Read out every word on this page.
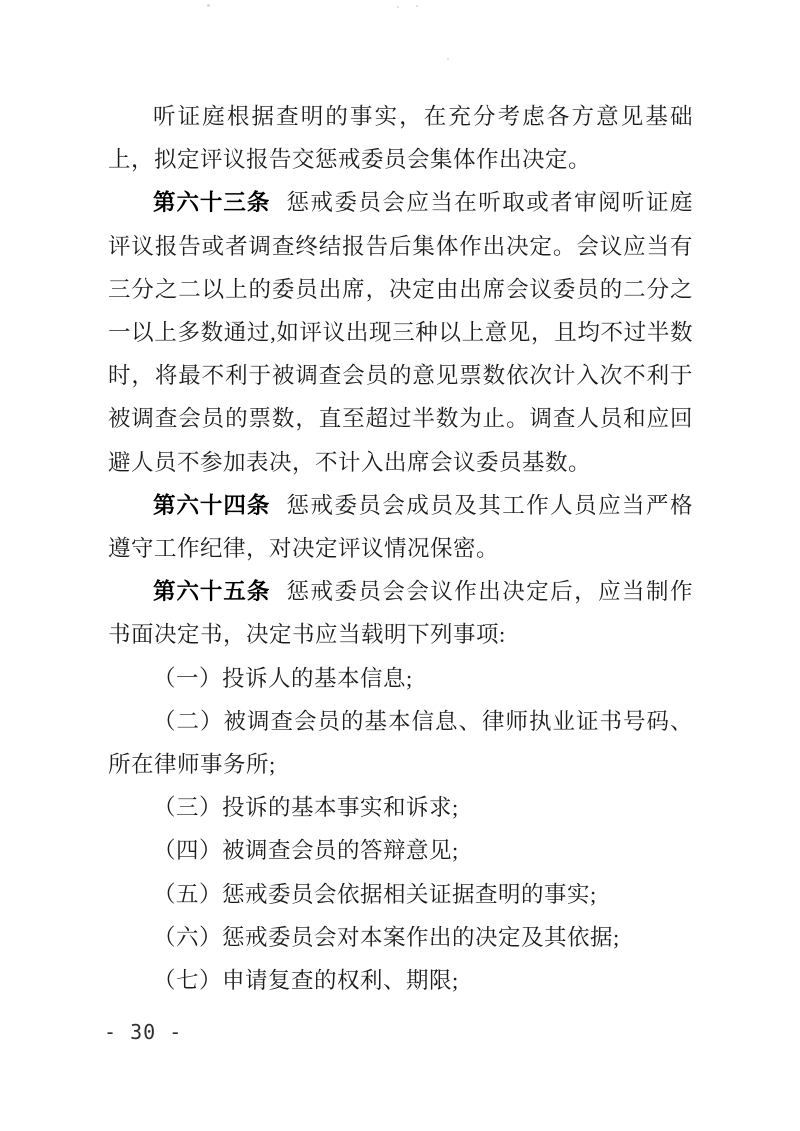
听证庭根据查明的事实，在充分考虑各方意见基础上，拟定评议报告交惩戒委员会集体作出决定。

第六十三条 惩戒委员会应当在听取或者审阅听证庭评议报告或者调查终结报告后集体作出决定。会议应当有三分之二以上的委员出席，决定由出席会议委员的二分之一以上多数通过,如评议出现三种以上意见，且均不过半数时，将最不利于被调查会员的意见票数依次计入次不利于被调查会员的票数，直至超过半数为止。调查人员和应回避人员不参加表决，不计入出席会议委员基数。

第六十四条 惩戒委员会成员及其工作人员应当严格遵守工作纪律，对决定评议情况保密。

第六十五条 惩戒委员会会议作出决定后，应当制作书面决定书，决定书应当载明下列事项:

（一）投诉人的基本信息;

（二）被调查会员的基本信息、律师执业证书号码、所在律师事务所;

（三）投诉的基本事实和诉求;

（四）被调查会员的答辩意见;

（五）惩戒委员会依据相关证据查明的事实;

（六）惩戒委员会对本案作出的决定及其依据;

（七）申请复查的权利、期限;

- 30 -
